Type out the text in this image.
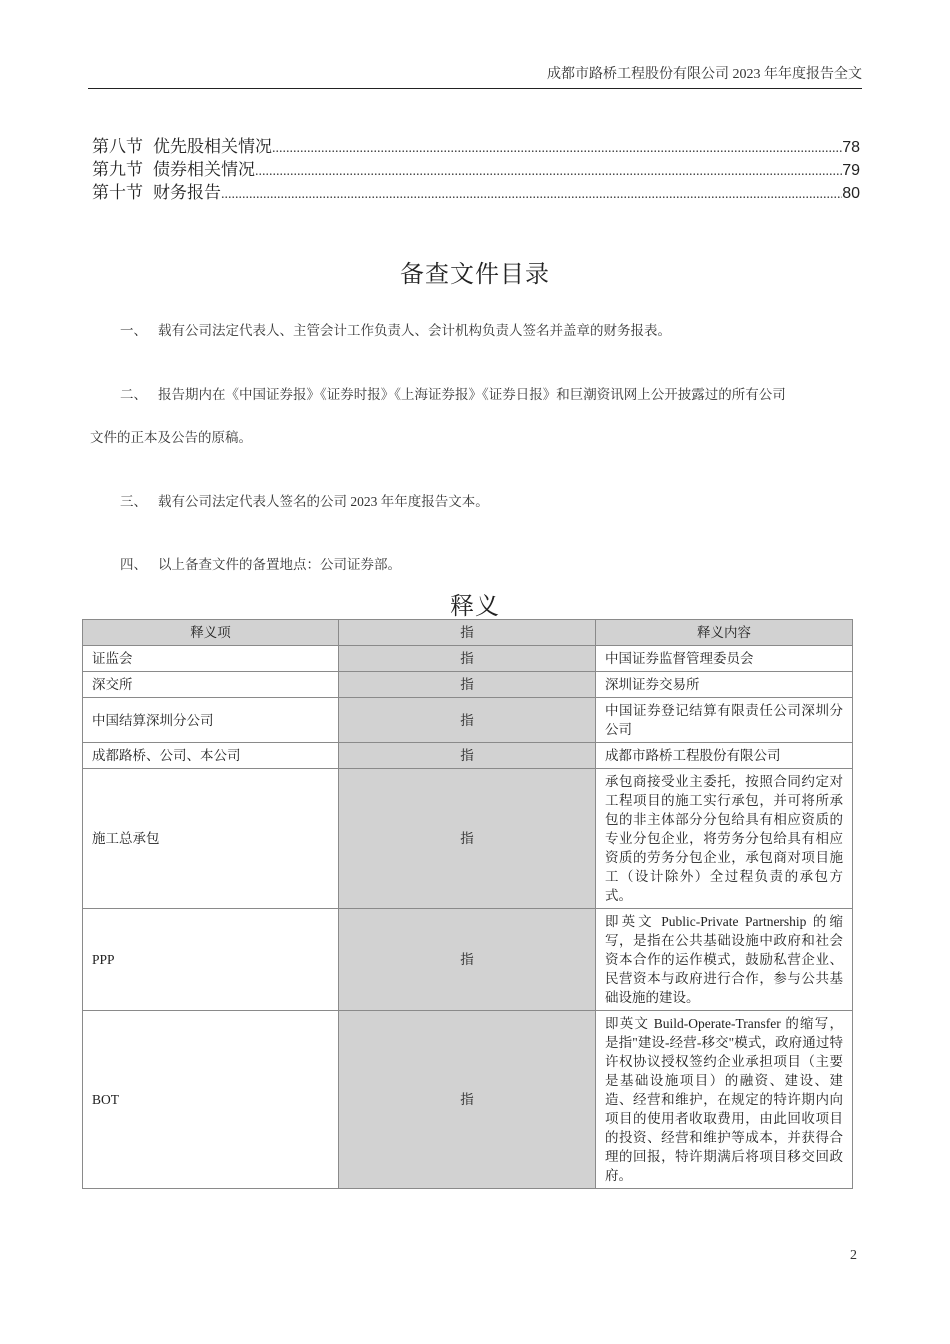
成都市路桥工程股份有限公司 2023 年年度报告全文
第八节 优先股相关情况 .....	78
第九节 债券相关情况 .....	79
第十节 财务报告 .....	80
备查文件目录
一、 载有公司法定代表人、主管会计工作负责人、会计机构负责人签名并盖章的财务报表。
二、 报告期内在《中国证券报》《证券时报》《上海证券报》《证券日报》和巨潮资讯网上公开披露过的所有公司
文件的正本及公告的原稿。
三、 载有公司法定代表人签名的公司 2023 年年度报告文本。
四、 以上备查文件的备置地点：公司证券部。
释义
释义项	指	释义内容
证监会	指	中国证券监督管理委员会
深交所	指	深圳证券交易所
中国结算深圳分公司	指	中国证券登记结算有限责任公司深圳分公司
成都路桥、公司、本公司	指	成都市路桥工程股份有限公司
施工总承包	指	承包商接受业主委托，按照合同约定对工程项目的施工实行承包，并可将所承包的非主体部分分包给具有相应资质的专业分包企业，将劳务分包给具有相应资质的劳务分包企业，承包商对项目施工（设计除外）全过程负责的承包方式。
PPP	指	即英文 Public-Private Partnership 的缩写，是指在公共基础设施中政府和社会资本合作的运作模式，鼓励私营企业、民营资本与政府进行合作，参与公共基础设施的建设。
BOT	指	即英文 Build-Operate-Transfer 的缩写，是指"建设-经营-移交"模式，政府通过特许权协议授权签约企业承担项目（主要是基础设施项目）的融资、建设、建造、经营和维护，在规定的特许期内向项目的使用者收取费用，由此回收项目的投资、经营和维护等成本，并获得合理的回报，特许期满后将项目移交回政府。
2
